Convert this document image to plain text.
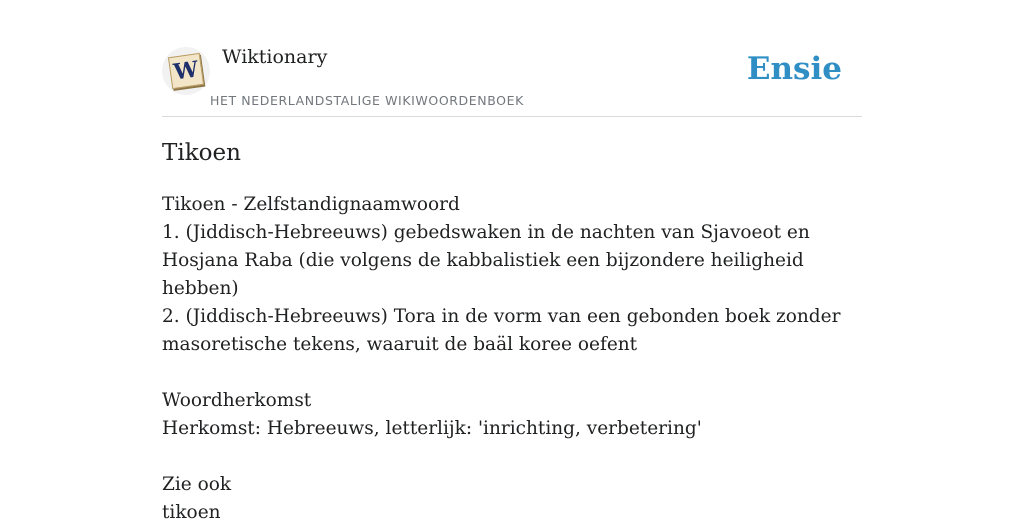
W Wiktionary
HET NEDERLANDSTALIGE WIKIWOORDENBOEK
Ensie
Tikoen
Tikoen - Zelfstandignaamwoord
1. (Jiddisch-Hebreeuws) gebedswaken in de nachten van Sjavoeot en Hosjana Raba (die volgens de kabbalistiek een bijzondere heiligheid hebben)
2. (Jiddisch-Hebreeuws) Tora in de vorm van een gebonden boek zonder masoretische tekens, waaruit de baäl koree oefent
Woordherkomst
Herkomst: Hebreeuws, letterlijk: 'inrichting, verbetering'
Zie ook
tikoen
